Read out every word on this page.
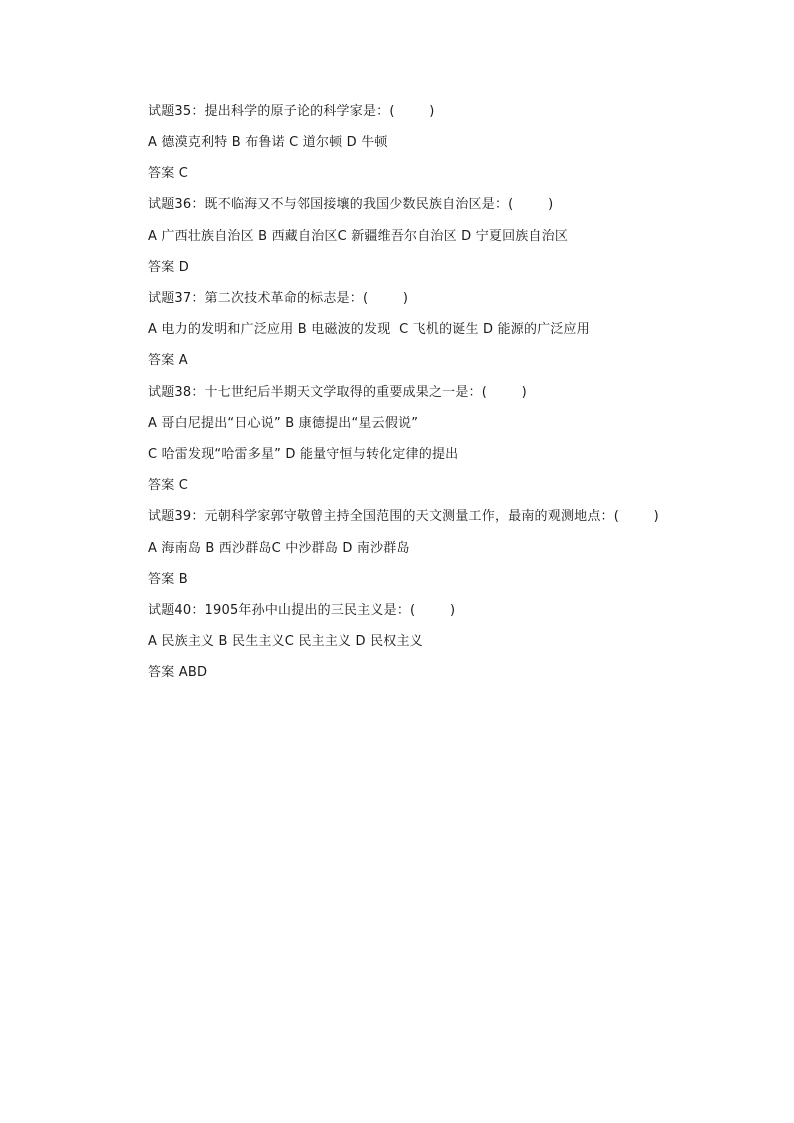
试题35：提出科学的原子论的科学家是：(        )

A 德漠克利特 B 布鲁诺 C 道尔顿 D 牛顿

答案 C

试题36：既不临海又不与邻国接壤的我国少数民族自治区是：(        )

A 广西壮族自治区 B 西藏自治区C 新疆维吾尔自治区 D 宁夏回族自治区

答案 D

试题37：第二次技术革命的标志是：(        )

A 电力的发明和广泛应用 B 电磁波的发现  C 飞机的诞生 D 能源的广泛应用

答案 A

试题38：十七世纪后半期天文学取得的重要成果之一是：(        )

A 哥白尼提出“日心说” B 康德提出“星云假说”

C 哈雷发现“哈雷多星” D 能量守恒与转化定律的提出

答案 C

试题39：元朝科学家郭守敬曾主持全国范围的天文测量工作，最南的观测地点：(        )

A 海南岛 B 西沙群岛C 中沙群岛 D 南沙群岛

答案 B

试题40：1905年孙中山提出的三民主义是：(        )

A 民族主义 B 民生主义C 民主主义 D 民权主义

答案 ABD
